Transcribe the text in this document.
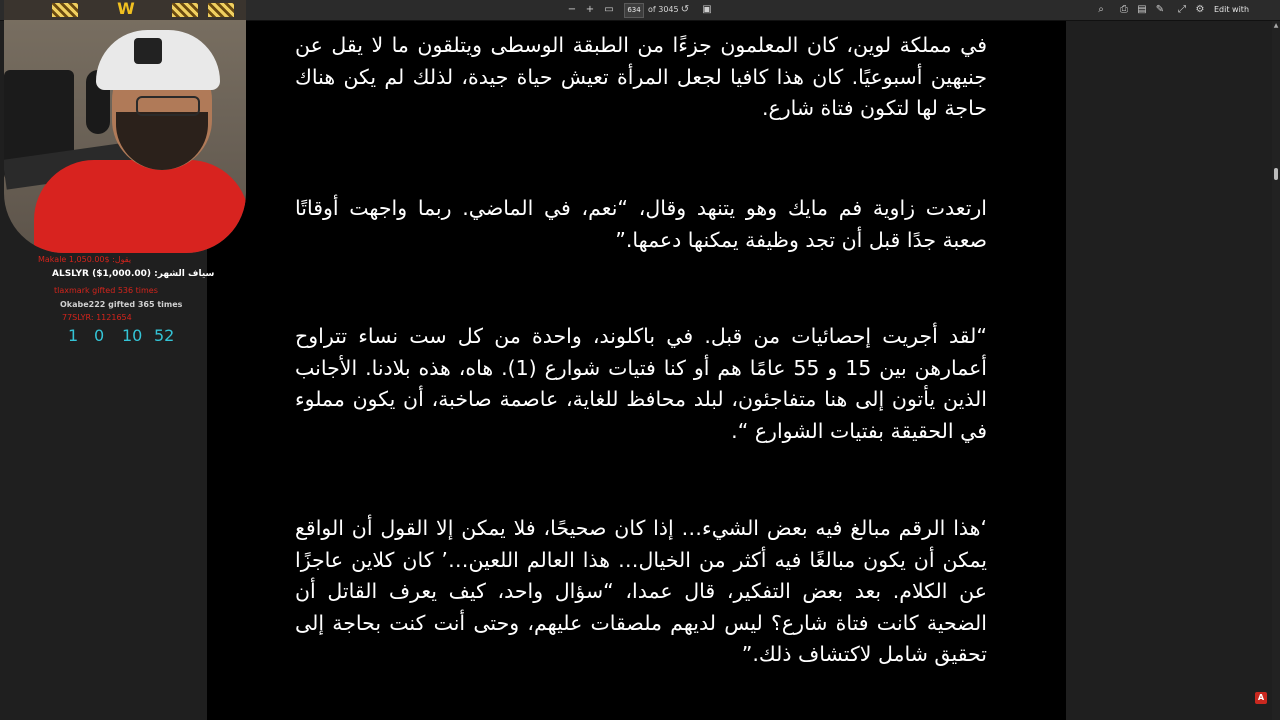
− + ▭	634 of 3045 ↺ ▣	⌕	⎙ ▤ ✎ ⤢ ⚙ Edit with
في مملكة لوين، كان المعلمون جزءًا من الطبقة الوسطى ويتلقون ما لا يقل عن جنيهين أسبوعيًا. كان هذا كافيا لجعل المرأة تعيش حياة جيدة، لذلك لم يكن هناك حاجة لها لتكون فتاة شارع.
ارتعدت زاوية فم مايك وهو يتنهد وقال، “نعم، في الماضي. ربما واجهت أوقاتًا صعبة جدًا قبل أن تجد وظيفة يمكنها دعمها.”
“لقد أجريت إحصائيات من قبل. في باكلوند، واحدة من كل ست نساء تتراوح أعمارهن بين 15 و 55 عامًا هم أو كنا فتيات شوارع (1). هاه، هذه بلادنا. الأجانب الذين يأتون إلى هنا متفاجئون، لبلد محافظ للغاية، عاصمة صاخبة، أن يكون مملوء في الحقيقة بفتيات الشوارع “.
‘هذا الرقم مبالغ فيه بعض الشيء… إذا كان صحيحًا، فلا يمكن إلا القول أن الواقع يمكن أن يكون مبالغًا فيه أكثر من الخيال… هذا العالم اللعين…’ كان كلاين عاجزًا عن الكلام. بعد بعض التفكير، قال عمدا، “سؤال واحد، كيف يعرف القاتل أن الضحية كانت فتاة شارع؟ ليس لديهم ملصقات عليهم، وحتى أنت كنت بحاجة إلى تحقيق شامل لاكتشاف ذلك.”
▲
A
W
Makale يقول: $1,050.00
ALSLYR ($1,000.00) :سياف الشهر
tlaxmark gifted 536 times
Okabe222 gifted 365 times
77SLYR: 1121654
1 0 10 52
